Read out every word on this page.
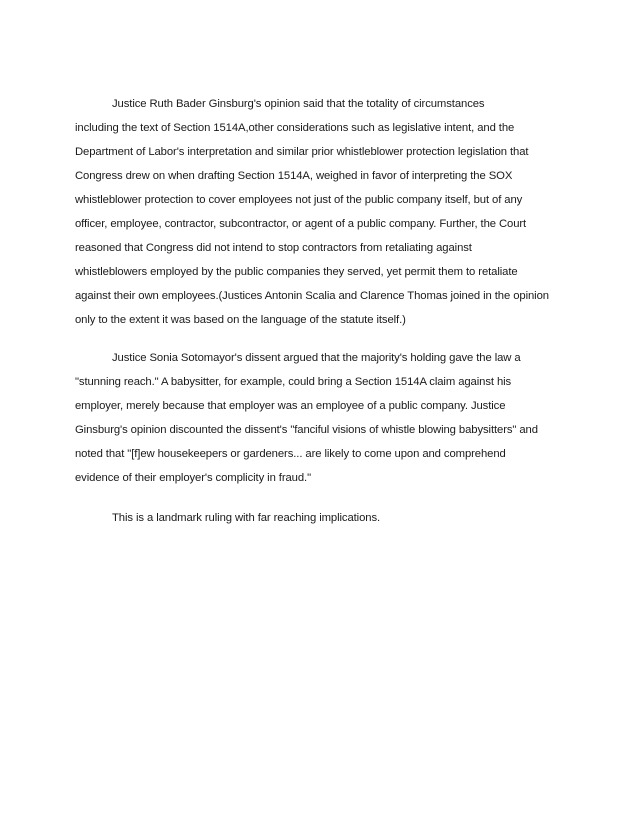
Justice Ruth Bader Ginsburg's opinion said that the totality of circumstances
including the text of Section 1514A,other considerations such as legislative intent, and the
Department of Labor's interpretation and similar prior whistleblower protection legislation that
Congress drew on when drafting Section 1514A, weighed in favor of interpreting the SOX
whistleblower protection to cover employees not just of the public company itself, but of any
officer, employee, contractor, subcontractor, or agent of a public company. Further, the Court
reasoned that Congress did not intend to stop contractors from retaliating against
whistleblowers employed by the public companies they served, yet permit them to retaliate
against their own employees.(Justices Antonin Scalia and Clarence Thomas joined in the opinion
only to the extent it was based on the language of the statute itself.)
Justice Sonia Sotomayor's dissent argued that the majority's holding gave the law a
"stunning reach." A babysitter, for example, could bring a Section 1514A claim against his
employer, merely because that employer was an employee of a public company. Justice
Ginsburg's opinion discounted the dissent's "fanciful visions of whistle blowing babysitters" and
noted that "[f]ew housekeepers or gardeners... are likely to come upon and comprehend
evidence of their employer's complicity in fraud."
This is a landmark ruling with far reaching implications.
